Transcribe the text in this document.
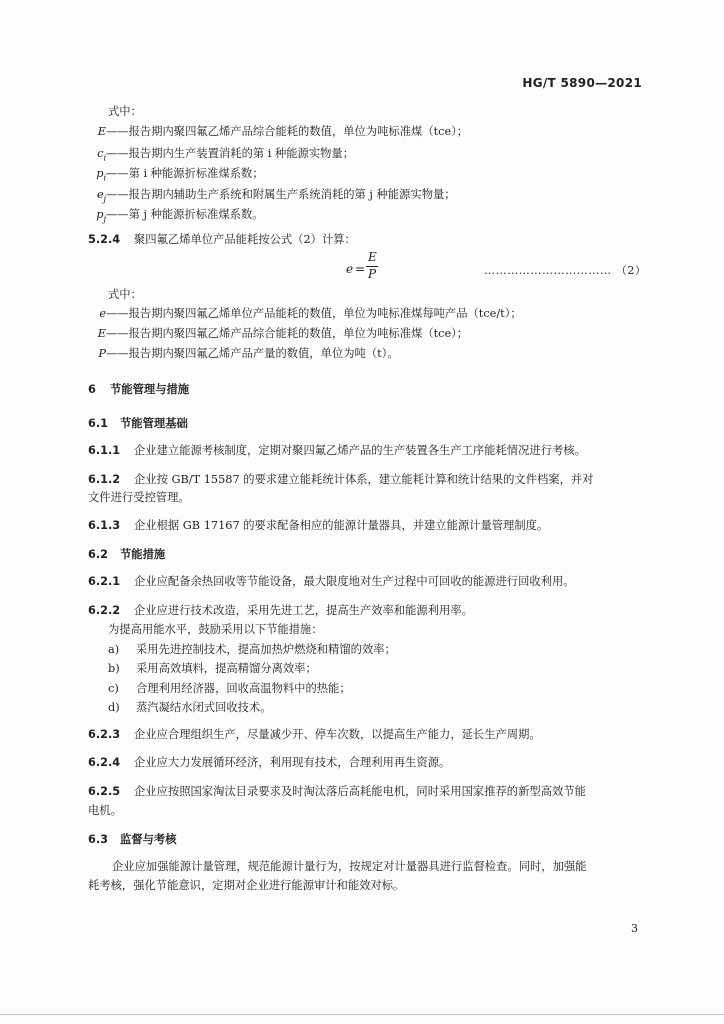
HG/T 5890—2021
式中：
E——报告期内聚四氟乙烯产品综合能耗的数值，单位为吨标准煤（tce）；
$c_i——$报告期内生产装置消耗的第 i 种能源实物量；
$p_i——$第 i 种能源折标准煤系数；
$e_j——$报告期内辅助生产系统和附属生产系统消耗的第 j 种能源实物量；
$p_j——$第 j 种能源折标准煤系数。
5.2.4 聚四氟乙烯单位产品能耗按公式（2）计算：
e =
E
P	…………………………… （2）
式中：
e——报告期内聚四氟乙烯单位产品能耗的数值，单位为吨标准煤每吨产品（tce/t）；
E——报告期内聚四氟乙烯产品综合能耗的数值，单位为吨标准煤（tce）；
P——报告期内聚四氟乙烯产品产量的数值，单位为吨（t）。
6 节能管理与措施
6.1 节能管理基础
6.1.1 企业建立能源考核制度，定期对聚四氟乙烯产品的生产装置各生产工序能耗情况进行考核。
6.1.2 企业按 GB/T 15587 的要求建立能耗统计体系，建立能耗计算和统计结果的文件档案，并对
文件进行受控管理。
6.1.3 企业根据 GB 17167 的要求配备相应的能源计量器具，并建立能源计量管理制度。
6.2 节能措施
6.2.1 企业应配备余热回收等节能设备，最大限度地对生产过程中可回收的能源进行回收利用。
6.2.2 企业应进行技术改造，采用先进工艺，提高生产效率和能源利用率。
为提高用能水平，鼓励采用以下节能措施：
a) 采用先进控制技术，提高加热炉燃烧和精馏的效率；
b) 采用高效填料，提高精馏分离效率；
c) 合理利用经济器，回收高温物料中的热能；
d) 蒸汽凝结水闭式回收技术。
6.2.3 企业应合理组织生产，尽量减少开、停车次数，以提高生产能力，延长生产周期。
6.2.4 企业应大力发展循环经济，利用现有技术，合理利用再生资源。
6.2.5 企业应按照国家淘汰目录要求及时淘汰落后高耗能电机，同时采用国家推荐的新型高效节能
电机。
6.3 监督与考核
企业应加强能源计量管理，规范能源计量行为，按规定对计量器具进行监督检查。同时，加强能
耗考核，强化节能意识，定期对企业进行能源审计和能效对标。
3
